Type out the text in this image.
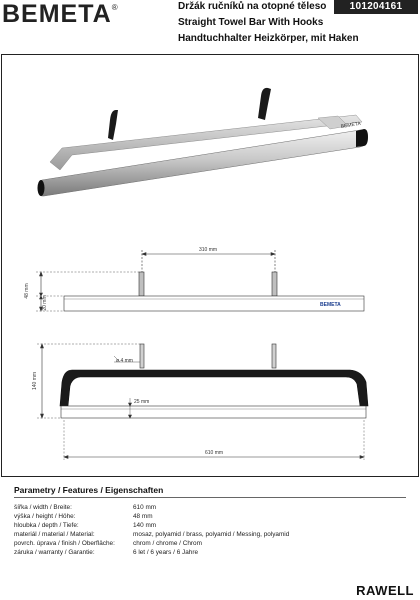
BEMETA®	Držák ručníků na otopné těleso	101204161
Straight Towel Bar With Hooks
Handtuchhalter Heizkörper, mit Haken
BEMETA
310 mm
48 mm
20 mm	BEMETA
ø 4 mm
140 mm
25 mm
610 mm
Parametry / Features / Eigenschaften
šířka / width / Breite:	610 mm
výška / height / Höhe:	48 mm
hloubka / depth / Tiefe:	140 mm
materiál / material / Material:	mosaz, polyamid / brass, polyamid / Messing, polyamid
povrch. úprava / finish / Oberfläche:	chrom / chrome / Chrom
záruka / warranty / Garantie:	6 let / 6 years / 6 Jahre
RAWELL
